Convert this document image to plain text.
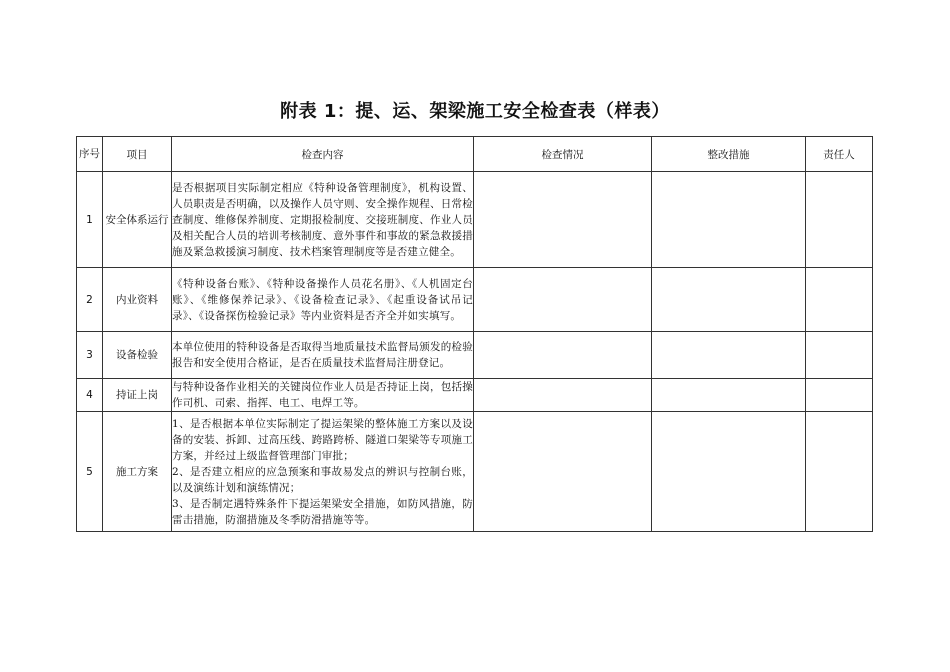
附表 1：提、运、架梁施工安全检查表（样表）
序号	项目	检查内容	检查情况	整改措施	责任人
1	安全体系运行	是否根据项目实际制定相应《特种设备管理制度》，机构设置、人员职责是否明确，以及操作人员守则、安全操作规程、日常检查制度、维修保养制度、定期报检制度、交接班制度、作业人员及相关配合人员的培训考核制度、意外事件和事故的紧急救援措施及紧急救援演习制度、技术档案管理制度等是否建立健全。			

2	内业资料	《特种设备台账》、《特种设备操作人员花名册》、《人机固定台账》、《维修保养记录》、《设备检查记录》、《起重设备试吊记录》、《设备探伤检验记录》等内业资料是否齐全并如实填写。			

3	设备检验	本单位使用的特种设备是否取得当地质量技术监督局颁发的检验报告和安全使用合格证，是否在质量技术监督局注册登记。			

4	持证上岗	与特种设备作业相关的关键岗位作业人员是否持证上岗，包括操作司机、司索、指挥、电工、电焊工等。			

5	施工方案	1、是否根据本单位实际制定了提运架梁的整体施工方案以及设备的安装、拆卸、过高压线、跨路跨桥、隧道口架梁等专项施工方案，并经过上级监督管理部门审批；
2、是否建立相应的应急预案和事故易发点的辨识与控制台账，以及演练计划和演练情况；
3、是否制定遇特殊条件下提运架梁安全措施，如防风措施，防雷击措施，防溜措施及冬季防滑措施等等。			
